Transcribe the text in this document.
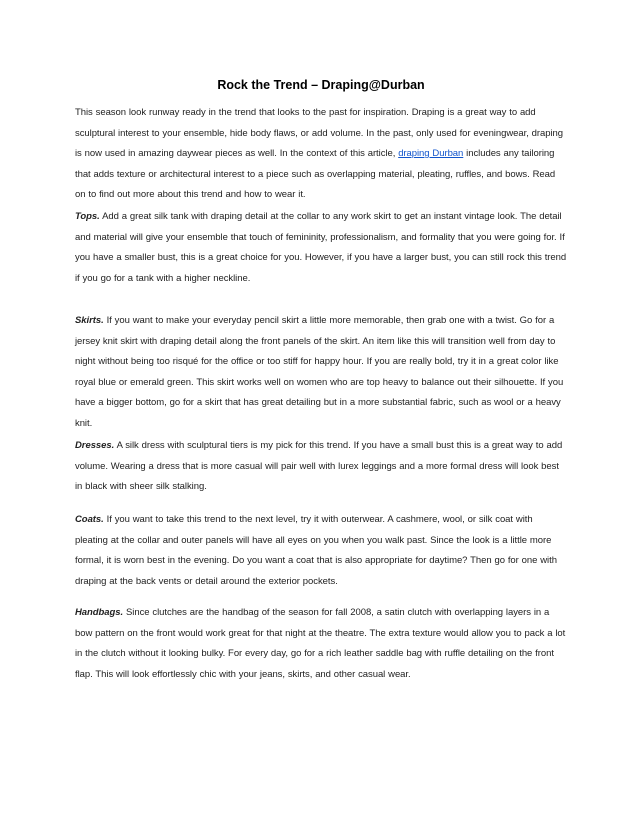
Rock the Trend – Draping@Durban

This season look runway ready in the trend that looks to the past for inspiration. Draping is a great way to add sculptural interest to your ensemble, hide body flaws, or add volume. In the past, only used for eveningwear, draping is now used in amazing daywear pieces as well. In the context of this article, draping Durban includes any tailoring that adds texture or architectural interest to a piece such as overlapping material, pleating, ruffles, and bows. Read on to find out more about this trend and how to wear it.

Tops. Add a great silk tank with draping detail at the collar to any work skirt to get an instant vintage look. The detail and material will give your ensemble that touch of femininity, professionalism, and formality that you were going for. If you have a smaller bust, this is a great choice for you. However, if you have a larger bust, you can still rock this trend if you go for a tank with a higher neckline.

Skirts. If you want to make your everyday pencil skirt a little more memorable, then grab one with a twist. Go for a jersey knit skirt with draping detail along the front panels of the skirt. An item like this will transition well from day to night without being too risqué for the office or too stiff for happy hour. If you are really bold, try it in a great color like royal blue or emerald green. This skirt works well on women who are top heavy to balance out their silhouette. If you have a bigger bottom, go for a skirt that has great detailing but in a more substantial fabric, such as wool or a heavy knit.

Dresses. A silk dress with sculptural tiers is my pick for this trend. If you have a small bust this is a great way to add volume. Wearing a dress that is more casual will pair well with lurex leggings and a more formal dress will look best in black with sheer silk stalking.

Coats. If you want to take this trend to the next level, try it with outerwear. A cashmere, wool, or silk coat with pleating at the collar and outer panels will have all eyes on you when you walk past. Since the look is a little more formal, it is worn best in the evening. Do you want a coat that is also appropriate for daytime? Then go for one with draping at the back vents or detail around the exterior pockets.

Handbags. Since clutches are the handbag of the season for fall 2008, a satin clutch with overlapping layers in a bow pattern on the front would work great for that night at the theatre. The extra texture would allow you to pack a lot in the clutch without it looking bulky. For every day, go for a rich leather saddle bag with ruffle detailing on the front flap. This will look effortlessly chic with your jeans, skirts, and other casual wear.
